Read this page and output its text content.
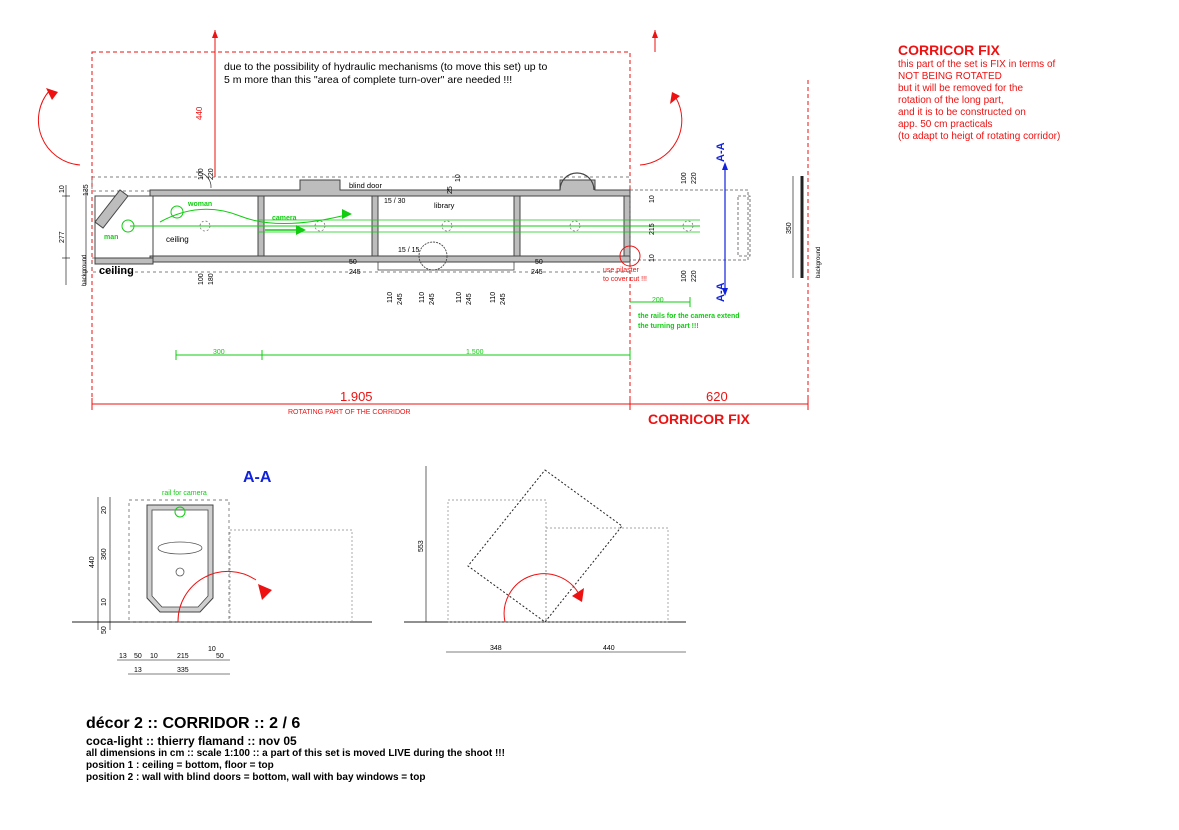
blind door
library
woman
camera
man	ceiling
ceiling
background	background
A-A
A-A
440
10 135
277
100 220
25
10
15 / 30
15 / 15
50
245
50
245
100 180
110 245 110 245	110 245 110 245
100 220
10
215
10
100 220
350
use pilaster
to cover cut !!!
200
the rails for the camera extend
the turning part !!!
300	1.500
1.905	620
ROTATING PART OF THE CORRIDOR	CORRICOR FIX
A-A
rail for camera
440
20
360
10
50
13 50 10	215
10
50
13	335
553
348	440
due to the possibility of hydraulic mechanisms (to move this set) up to 5 m more than this "area of complete turn-over" are needed !!!
CORRICOR FIX
this part of the set is FIX in terms of
NOT BEING ROTATED
but it will be removed for the
rotation of the long part,
and it is to be constructed on
app. 50 cm practicals
(to adapt to heigt of rotating corridor)
décor 2 :: CORRIDOR :: 2 / 6
coca-light :: thierry flamand :: nov 05
all dimensions in cm :: scale 1:100 :: a part of this set is moved LIVE during the shoot !!!
position 1 : ceiling = bottom, floor = top
position 2 : wall with blind doors = bottom, wall with bay windows = top
